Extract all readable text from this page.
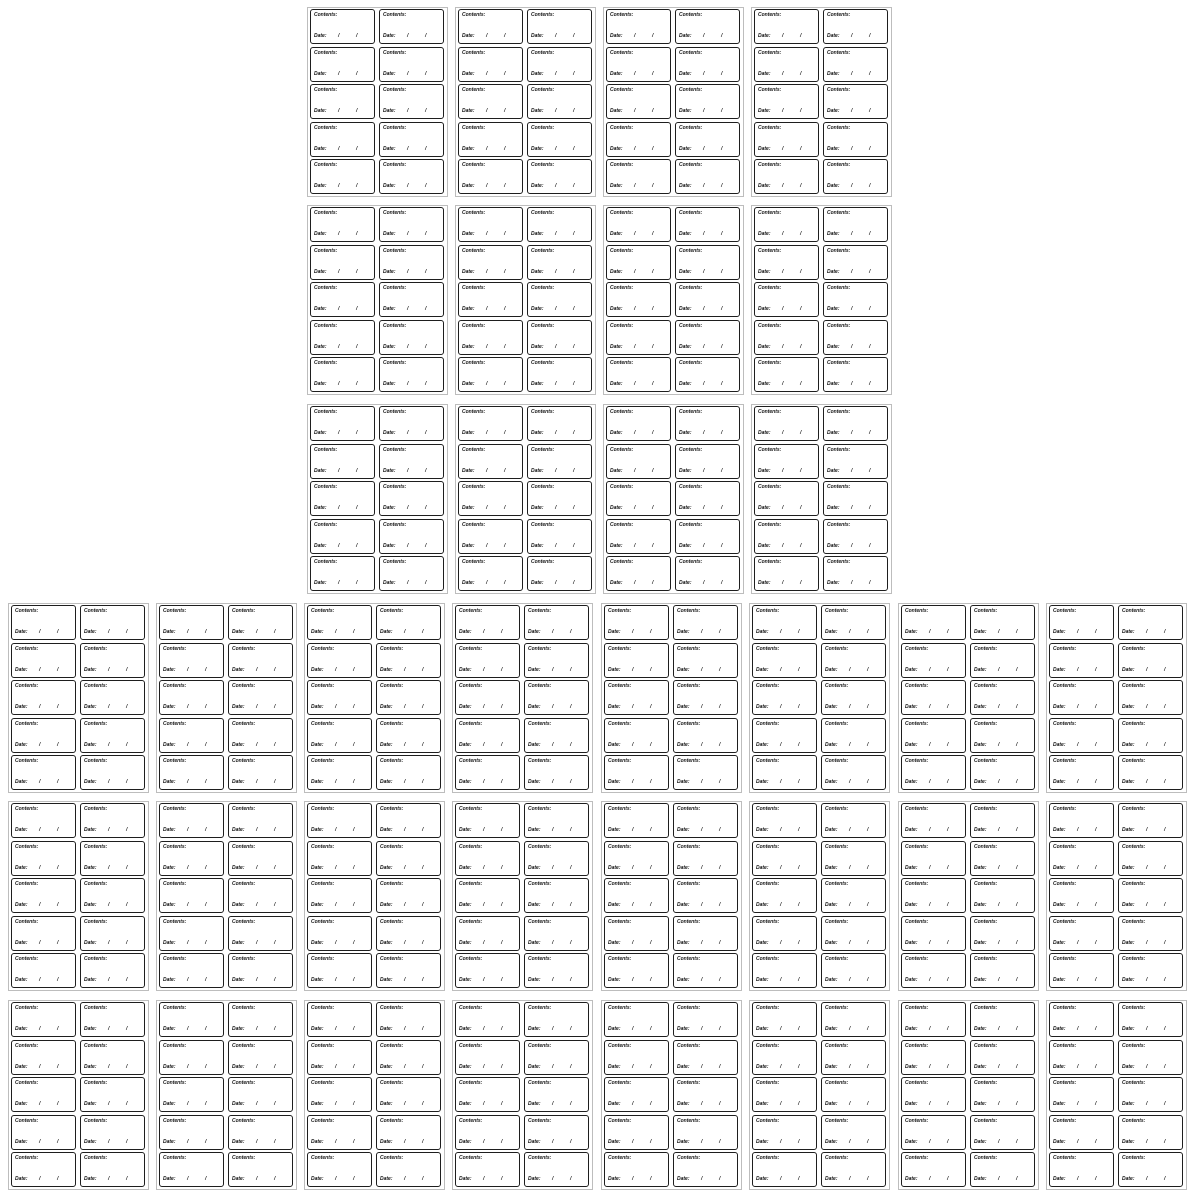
Contents:
Date: /	/
Contents:
Date: /	/
Contents:
Date: /	/
Contents:
Date: /	/
Contents:
Date: /	/
Contents:
Date: /	/
Contents:
Date: /	/
Contents:
Date: /	/
Contents:
Date: /	/
Contents:
Date: /	/
Contents:
Date: /	/
Contents:
Date: /	/
Contents:
Date: /	/
Contents:
Date: /	/
Contents:
Date: /	/
Contents:
Date: /	/
Contents:
Date: /	/
Contents:
Date: /	/
Contents:
Date: /	/
Contents:
Date: /	/
Contents:
Date: /	/
Contents:
Date: /	/
Contents:
Date: /	/
Contents:
Date: /	/
Contents:
Date: /	/
Contents:
Date: /	/
Contents:
Date: /	/
Contents:
Date: /	/
Contents:
Date: /	/
Contents:
Date: /	/
Contents:
Date: /	/
Contents:
Date: /	/
Contents:
Date: /	/
Contents:
Date: /	/
Contents:
Date: /	/
Contents:
Date: /	/
Contents:
Date: /	/
Contents:
Date: /	/
Contents:
Date: /	/
Contents:
Date: /	/
Contents:
Date: /	/
Contents:
Date: /	/
Contents:
Date: /	/
Contents:
Date: /	/
Contents:
Date: /	/
Contents:
Date: /	/
Contents:
Date: /	/
Contents:
Date: /	/
Contents:
Date: /	/
Contents:
Date: /	/
Contents:
Date: /	/
Contents:
Date: /	/
Contents:
Date: /	/
Contents:
Date: /	/
Contents:
Date: /	/
Contents:
Date: /	/
Contents:
Date: /	/
Contents:
Date: /	/
Contents:
Date: /	/
Contents:
Date: /	/
Contents:
Date: /	/
Contents:
Date: /	/
Contents:
Date: /	/
Contents:
Date: /	/
Contents:
Date: /	/
Contents:
Date: /	/
Contents:
Date: /	/
Contents:
Date: /	/
Contents:
Date: /	/
Contents:
Date: /	/
Contents:
Date: /	/
Contents:
Date: /	/
Contents:
Date: /	/
Contents:
Date: /	/
Contents:
Date: /	/
Contents:
Date: /	/
Contents:
Date: /	/
Contents:
Date: /	/
Contents:
Date: /	/
Contents:
Date: /	/
Contents:
Date: /	/
Contents:
Date: /	/
Contents:
Date: /	/
Contents:
Date: /	/
Contents:
Date: /	/
Contents:
Date: /	/
Contents:
Date: /	/
Contents:
Date: /	/
Contents:
Date: /	/
Contents:
Date: /	/
Contents:
Date: /	/
Contents:
Date: /	/
Contents:
Date: /	/
Contents:
Date: /	/
Contents:
Date: /	/
Contents:
Date: /	/
Contents:
Date: /	/
Contents:
Date: /	/
Contents:
Date: /	/
Contents:
Date: /	/
Contents:
Date: /	/
Contents:
Date: /	/
Contents:
Date: /	/
Contents:
Date: /	/
Contents:
Date: /	/
Contents:
Date: /	/
Contents:
Date: /	/
Contents:
Date: /	/
Contents:
Date: /	/
Contents:
Date: /	/
Contents:
Date: /	/
Contents:
Date: /	/
Contents:
Date: /	/
Contents:
Date: /	/
Contents:
Date: /	/
Contents:
Date: /	/
Contents:
Date: /	/
Contents:
Date: /	/
Contents:
Date: /	/
Contents:
Date: /	/
Contents:
Date: /	/
Contents:
Date: /	/
Contents:
Date: /	/
Contents:
Date: /	/
Contents:
Date: /	/
Contents:
Date: /	/
Contents:
Date: /	/
Contents:
Date: /	/
Contents:
Date: /	/
Contents:
Date: /	/
Contents:
Date: /	/
Contents:
Date: /	/
Contents:
Date: /	/
Contents:
Date: /	/
Contents:
Date: /	/
Contents:
Date: /	/
Contents:
Date: /	/
Contents:
Date: /	/
Contents:
Date: /	/
Contents:
Date: /	/
Contents:
Date: /	/
Contents:
Date: /	/
Contents:
Date: /	/
Contents:
Date: /	/
Contents:
Date: /	/
Contents:
Date: /	/
Contents:
Date: /	/
Contents:
Date: /	/
Contents:
Date: /	/
Contents:
Date: /	/
Contents:
Date: /	/
Contents:
Date: /	/
Contents:
Date: /	/
Contents:
Date: /	/
Contents:
Date: /	/
Contents:
Date: /	/
Contents:
Date: /	/
Contents:
Date: /	/
Contents:
Date: /	/
Contents:
Date: /	/
Contents:
Date: /	/
Contents:
Date: /	/
Contents:
Date: /	/
Contents:
Date: /	/
Contents:
Date: /	/
Contents:
Date: /	/
Contents:
Date: /	/
Contents:
Date: /	/
Contents:
Date: /	/
Contents:
Date: /	/
Contents:
Date: /	/
Contents:
Date: /	/
Contents:
Date: /	/
Contents:
Date: /	/
Contents:
Date: /	/
Contents:
Date: /	/
Contents:
Date: /	/
Contents:
Date: /	/
Contents:
Date: /	/
Contents:
Date: /	/
Contents:
Date: /	/
Contents:
Date: /	/
Contents:
Date: /	/
Contents:
Date: /	/
Contents:
Date: /	/
Contents:
Date: /	/
Contents:
Date: /	/
Contents:
Date: /	/
Contents:
Date: /	/
Contents:
Date: /	/
Contents:
Date: /	/
Contents:
Date: /	/
Contents:
Date: /	/
Contents:
Date: /	/
Contents:
Date: /	/
Contents:
Date: /	/
Contents:
Date: /	/
Contents:
Date: /	/
Contents:
Date: /	/
Contents:
Date: /	/
Contents:
Date: /	/
Contents:
Date: /	/
Contents:
Date: /	/
Contents:
Date: /	/
Contents:
Date: /	/
Contents:
Date: /	/
Contents:
Date: /	/
Contents:
Date: /	/
Contents:
Date: /	/
Contents:
Date: /	/
Contents:
Date: /	/
Contents:
Date: /	/
Contents:
Date: /	/
Contents:
Date: /	/
Contents:
Date: /	/
Contents:
Date: /	/
Contents:
Date: /	/
Contents:
Date: /	/
Contents:
Date: /	/
Contents:
Date: /	/
Contents:
Date: /	/
Contents:
Date: /	/
Contents:
Date: /	/
Contents:
Date: /	/
Contents:
Date: /	/
Contents:
Date: /	/
Contents:
Date: /	/
Contents:
Date: /	/
Contents:
Date: /	/
Contents:
Date: /	/
Contents:
Date: /	/
Contents:
Date: /	/
Contents:
Date: /	/
Contents:
Date: /	/
Contents:
Date: /	/
Contents:
Date: /	/
Contents:
Date: /	/
Contents:
Date: /	/
Contents:
Date: /	/
Contents:
Date: /	/
Contents:
Date: /	/
Contents:
Date: /	/
Contents:
Date: /	/
Contents:
Date: /	/
Contents:
Date: /	/
Contents:
Date: /	/
Contents:
Date: /	/
Contents:
Date: /	/
Contents:
Date: /	/
Contents:
Date: /	/
Contents:
Date: /	/
Contents:
Date: /	/
Contents:
Date: /	/
Contents:
Date: /	/
Contents:
Date: /	/
Contents:
Date: /	/
Contents:
Date: /	/
Contents:
Date: /	/
Contents:
Date: /	/
Contents:
Date: /	/
Contents:
Date: /	/
Contents:
Date: /	/
Contents:
Date: /	/
Contents:
Date: /	/
Contents:
Date: /	/
Contents:
Date: /	/
Contents:
Date: /	/
Contents:
Date: /	/
Contents:
Date: /	/
Contents:
Date: /	/
Contents:
Date: /	/
Contents:
Date: /	/
Contents:
Date: /	/
Contents:
Date: /	/
Contents:
Date: /	/
Contents:
Date: /	/
Contents:
Date: /	/
Contents:
Date: /	/
Contents:
Date: /	/
Contents:
Date: /	/
Contents:
Date: /	/
Contents:
Date: /	/
Contents:
Date: /	/
Contents:
Date: /	/
Contents:
Date: /	/
Contents:
Date: /	/
Contents:
Date: /	/
Contents:
Date: /	/
Contents:
Date: /	/
Contents:
Date: /	/
Contents:
Date: /	/
Contents:
Date: /	/
Contents:
Date: /	/
Contents:
Date: /	/
Contents:
Date: /	/
Contents:
Date: /	/
Contents:
Date: /	/
Contents:
Date: /	/
Contents:
Date: /	/
Contents:
Date: /	/
Contents:
Date: /	/
Contents:
Date: /	/
Contents:
Date: /	/
Contents:
Date: /	/
Contents:
Date: /	/
Contents:
Date: /	/
Contents:
Date: /	/
Contents:
Date: /	/
Contents:
Date: /	/
Contents:
Date: /	/
Contents:
Date: /	/
Contents:
Date: /	/
Contents:
Date: /	/
Contents:
Date: /	/
Contents:
Date: /	/
Contents:
Date: /	/
Contents:
Date: /	/
Contents:
Date: /	/
Contents:
Date: /	/
Contents:
Date: /	/
Contents:
Date: /	/
Contents:
Date: /	/
Contents:
Date: /	/
Contents:
Date: /	/
Contents:
Date: /	/
Contents:
Date: /	/
Contents:
Date: /	/
Contents:
Date: /	/
Contents:
Date: /	/
Contents:
Date: /	/
Contents:
Date: /	/
Contents:
Date: /	/
Contents:
Date: /	/
Contents:
Date: /	/
Contents:
Date: /	/
Contents:
Date: /	/
Contents:
Date: /	/
Contents:
Date: /	/
Contents:
Date: /	/
Contents:
Date: /	/
Contents:
Date: /	/
Contents:
Date: /	/
Contents:
Date: /	/
Contents:
Date: /	/
Contents:
Date: /	/
Contents:
Date: /	/
Contents:
Date: /	/
Contents:
Date: /	/
Contents:
Date: /	/
Contents:
Date: /	/
Contents:
Date: /	/
Contents:
Date: /	/
Contents:
Date: /	/
Contents:
Date: /	/
Contents:
Date: /	/
Contents:
Date: /	/
Contents:
Date: /	/
Contents:
Date: /	/
Contents:
Date: /	/
Contents:
Date: /	/
